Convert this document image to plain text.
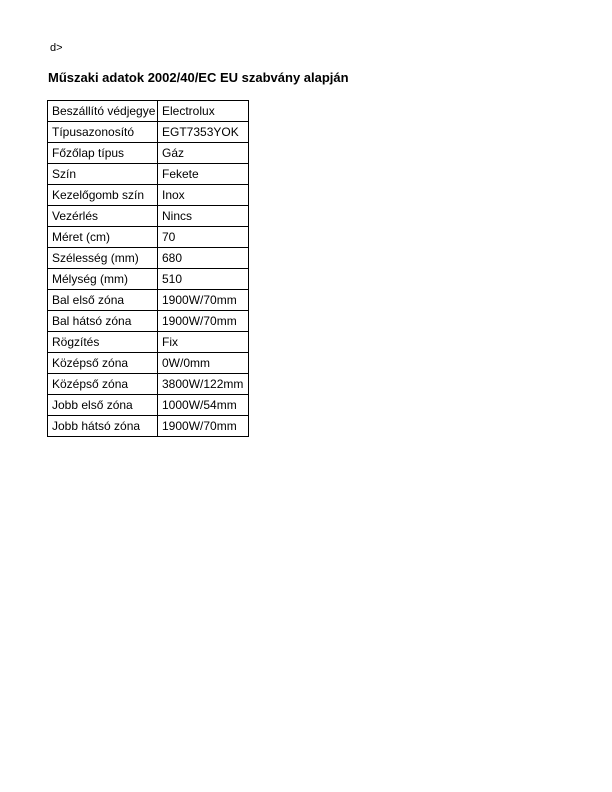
d>
Műszaki adatok 2002/40/EC EU szabvány alapján
Beszállító védjegye	Electrolux
Típusazonosító	EGT7353YOK
Főzőlap típus	Gáz
Szín	Fekete
Kezelőgomb szín	Inox
Vezérlés	Nincs
Méret (cm)	70
Szélesség (mm)	680
Mélység (mm)	510
Bal első zóna	1900W/70mm
Bal hátsó zóna	1900W/70mm
Rögzítés	Fix
Középső zóna	0W/0mm
Középső zóna	3800W/122mm
Jobb első zóna	1000W/54mm
Jobb hátsó zóna	1900W/70mm
